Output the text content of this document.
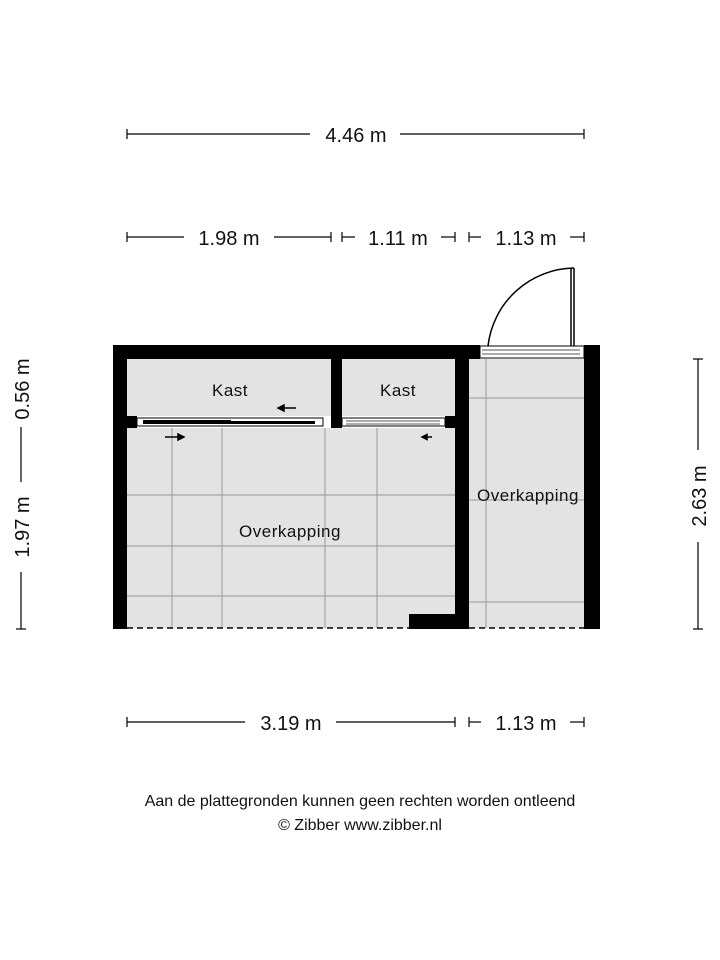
4.46 m
1.98 m	1.11 m	1.13 m
3.19 m	1.13 m
0.56 m
1.97 m
2.63 m
Kast	Kast
Overkapping
Overkapping
Aan de plattegronden kunnen geen rechten worden ontleend
© Zibber www.zibber.nl
